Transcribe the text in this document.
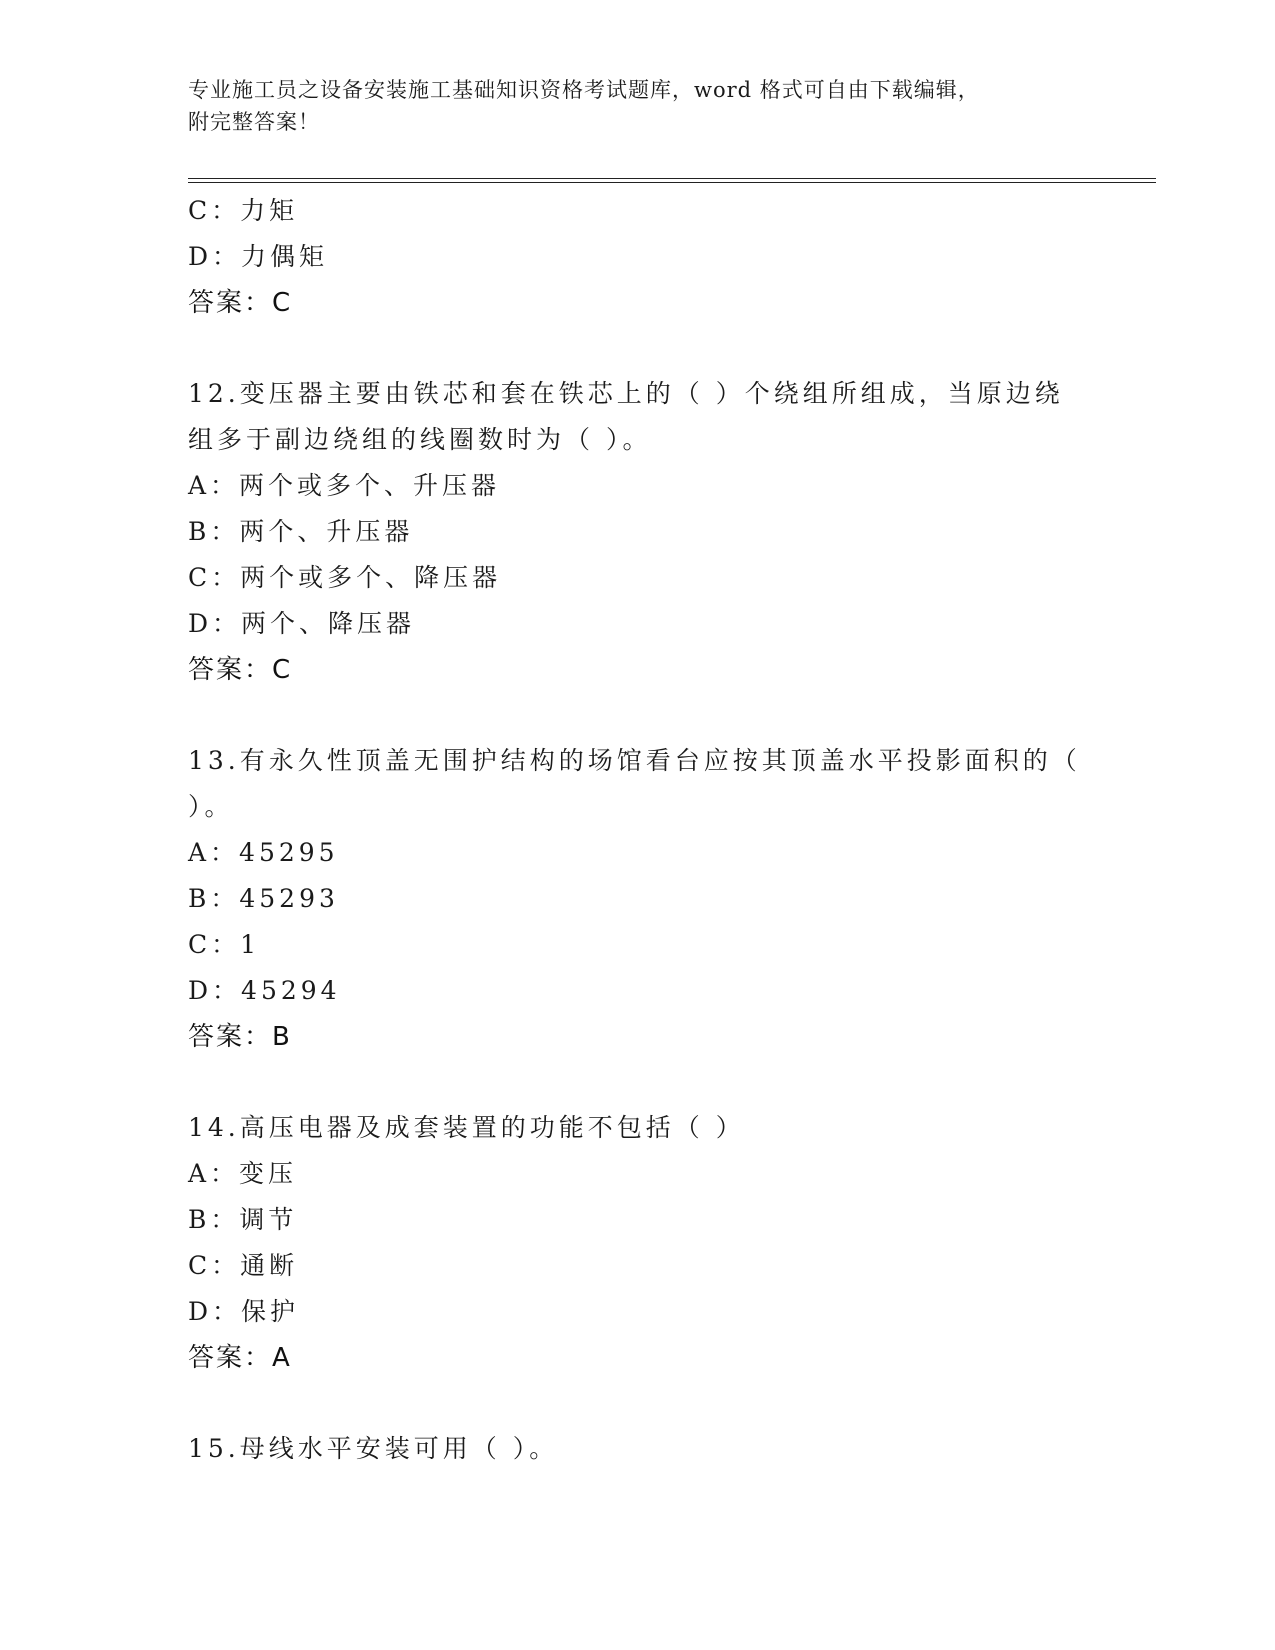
专业施工员之设备安装施工基础知识资格考试题库，word 格式可自由下载编辑，
附完整答案！
C：力矩
D：力偶矩
答案：C
12.变压器主要由铁芯和套在铁芯上的（ ）个绕组所组成，当原边绕
组多于副边绕组的线圈数时为（ ）。
A：两个或多个、升压器
B：两个、升压器
C：两个或多个、降压器
D：两个、降压器
答案：C
13.有永久性顶盖无围护结构的场馆看台应按其顶盖水平投影面积的（
）。
A：45295
B：45293
C：1
D：45294
答案：B
14.高压电器及成套装置的功能不包括（ ）
A：变压
B：调节
C：通断
D：保护
答案：A
15.母线水平安装可用（ ）。
